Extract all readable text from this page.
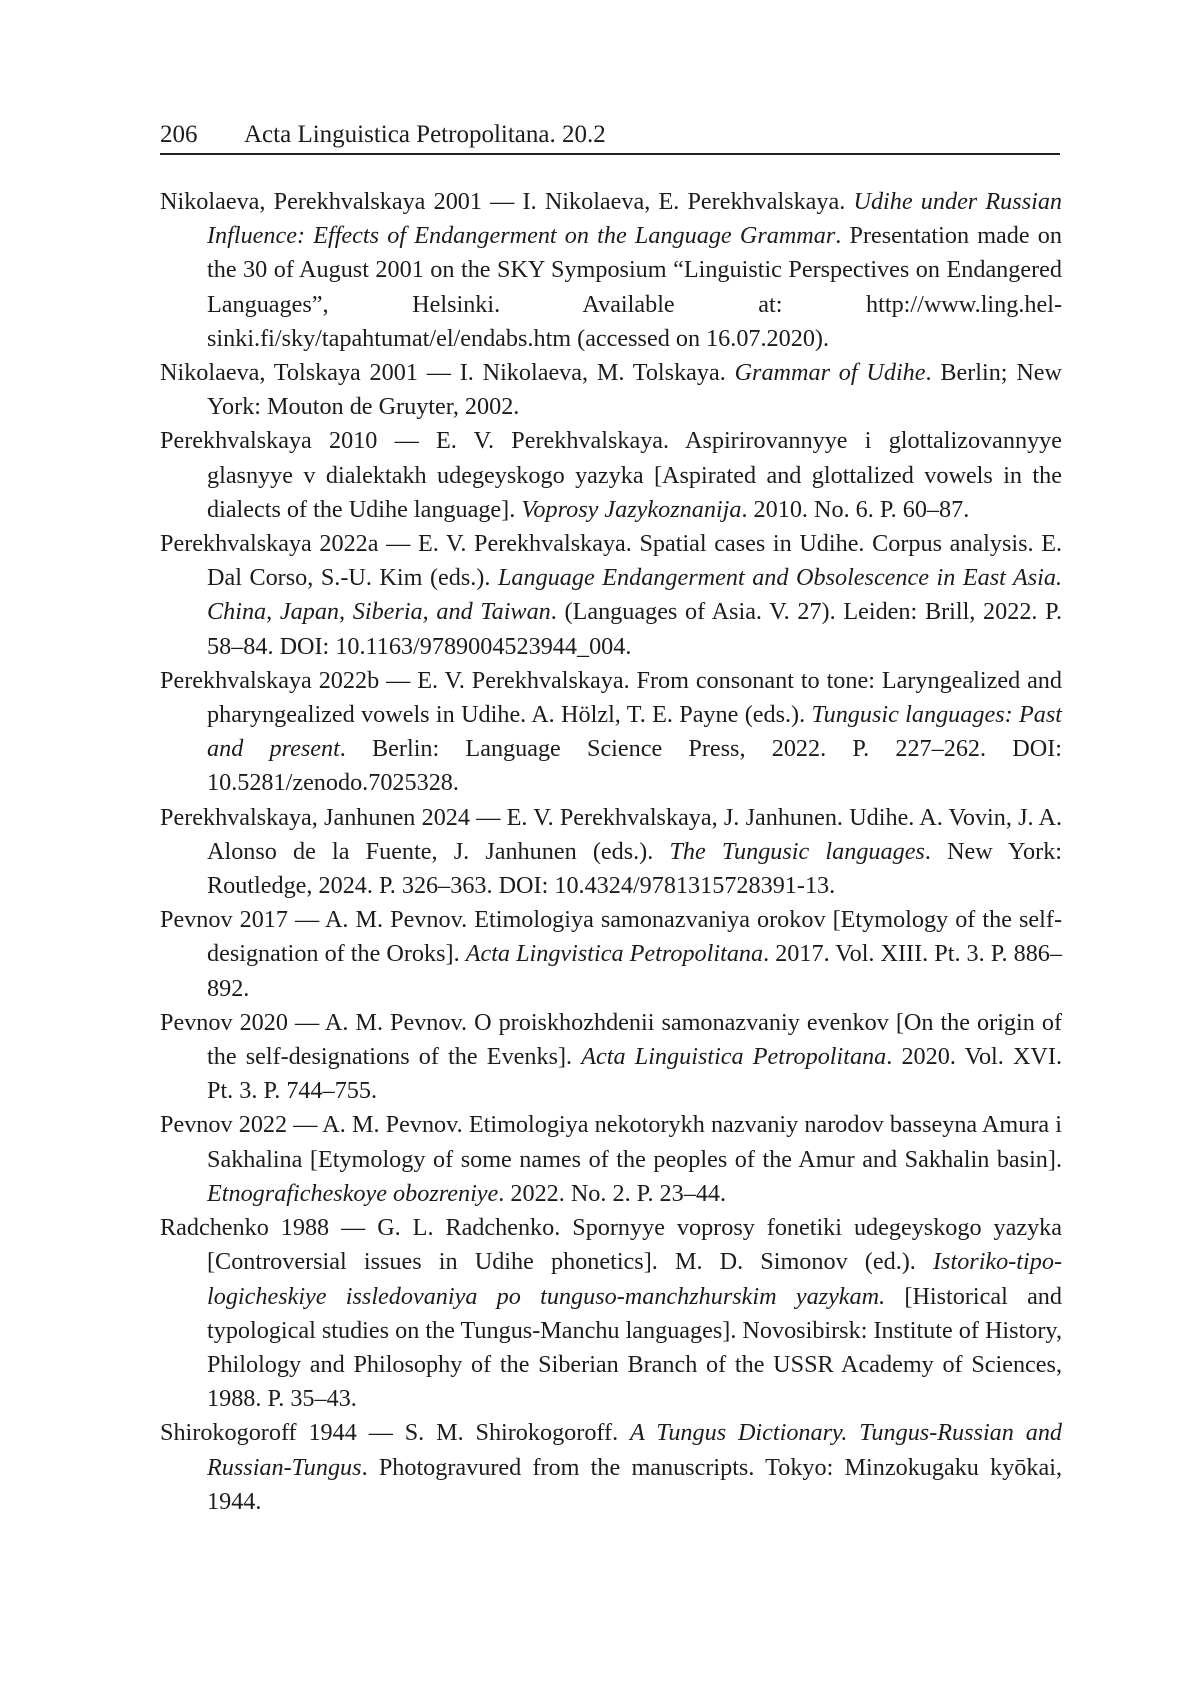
206 Acta Linguistica Petropolitana. 20.2

Nikolaeva, Perekhvalskaya 2001 — I. Nikolaeva, E. Perekhvalskaya. Udihe under Russian Influence: Effects of Endangerment on the Language Grammar. Presentation made on the 30 of August 2001 on the SKY Symposium “Linguistic Perspectives on Endangered Languages”, Helsinki. Available at: http://www.ling.helsinki.fi/sky/tapahtumat/el/endabs.htm (accessed on 16.07.2020).

Nikolaeva, Tolskaya 2001 — I. Nikolaeva, M. Tolskaya. Grammar of Udihe. Berlin; New York: Mouton de Gruyter, 2002.

Perekhvalskaya 2010 — E. V. Perekhvalskaya. Aspirirovannyye i glottalizovannyye glasnyye v dialektakh udegeyskogo yazyka [Aspirated and glottalized vowels in the dialects of the Udihe language]. Voprosy Jazykoznanija. 2010. No. 6. P. 60–87.

Perekhvalskaya 2022a — E. V. Perekhvalskaya. Spatial cases in Udihe. Corpus analysis. E. Dal Corso, S.-U. Kim (eds.). Language Endangerment and Obsolescence in East Asia. China, Japan, Siberia, and Taiwan. (Languages of Asia. V. 27). Leiden: Brill, 2022. P. 58–84. DOI: 10.1163/9789004523944_004.

Perekhvalskaya 2022b — E. V. Perekhvalskaya. From consonant to tone: Laryngealized and pharyngealized vowels in Udihe. A. Hölzl, T. E. Payne (eds.). Tungusic languages: Past and present. Berlin: Language Science Press, 2022. P. 227–262. DOI: 10.5281/zenodo.7025328.

Perekhvalskaya, Janhunen 2024 — E. V. Perekhvalskaya, J. Janhunen. Udihe. A. Vovin, J. A. Alonso de la Fuente, J. Janhunen (eds.). The Tungusic languages. New York: Routledge, 2024. P. 326–363. DOI: 10.4324/9781315728391-13.

Pevnov 2017 — A. M. Pevnov. Etimologiya samonazvaniya orokov [Etymology of the self-designation of the Oroks]. Acta Lingvistica Petropolitana. 2017. Vol. XIII. Pt. 3. P. 886–892.

Pevnov 2020 — A. M. Pevnov. O proiskhozhdenii samonazvaniy evenkov [On the origin of the self-designations of the Evenks]. Acta Linguistica Petropolitana. 2020. Vol. XVI. Pt. 3. P. 744–755.

Pevnov 2022 — A. M. Pevnov. Etimologiya nekotorykh nazvaniy narodov basseyna Amura i Sakhalina [Etymology of some names of the peoples of the Amur and Sakhalin basin]. Etnograficheskoye obozreniye. 2022. No. 2. P. 23–44.

Radchenko 1988 — G. L. Radchenko. Spornyye voprosy fonetiki udegeyskogo yazyka [Controversial issues in Udihe phonetics]. M. D. Simonov (ed.). Istoriko-tipologicheskiye issledovaniya po tunguso-manchzhurskim yazykam. [Historical and typological studies on the Tungus-Manchu languages]. Novosibirsk: Institute of History, Philology and Philosophy of the Siberian Branch of the USSR Academy of Sciences, 1988. P. 35–43.

Shirokogoroff 1944 — S. M. Shirokogoroff. A Tungus Dictionary. Tungus-Russian and Russian-Tungus. Photogravured from the manuscripts. Tokyo: Minzokugaku kyōkai, 1944.
